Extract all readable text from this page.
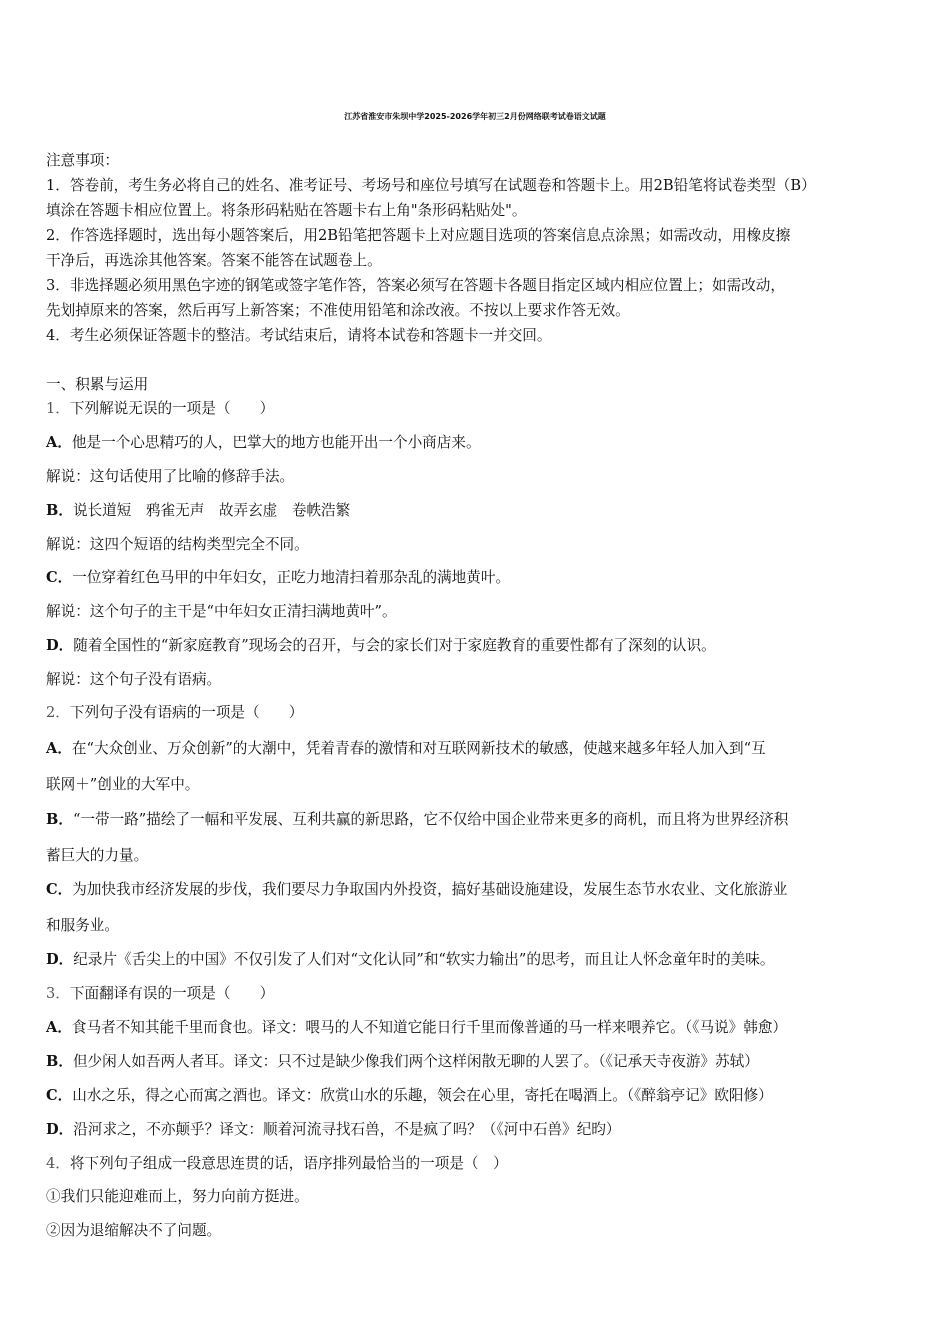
江苏省淮安市朱坝中学2025-2026学年初三2月份网络联考试卷语文试题
注意事项：
1．答卷前，考生务必将自己的姓名、准考证号、考场号和座位号填写在试题卷和答题卡上。用2B铅笔将试卷类型（B）
填涂在答题卡相应位置上。将条形码粘贴在答题卡右上角"条形码粘贴处"。
2．作答选择题时，选出每小题答案后，用2B铅笔把答题卡上对应题目选项的答案信息点涂黑；如需改动，用橡皮擦
干净后，再选涂其他答案。答案不能答在试题卷上。
3．非选择题必须用黑色字迹的钢笔或签字笔作答，答案必须写在答题卡各题目指定区域内相应位置上；如需改动，
先划掉原来的答案，然后再写上新答案；不准使用铅笔和涂改液。不按以上要求作答无效。
4．考生必须保证答题卡的整洁。考试结束后，请将本试卷和答题卡一并交回。
一、积累与运用
1．下列解说无误的一项是（　　）
A．他是一个心思精巧的人，巴掌大的地方也能开出一个小商店来。
解说：这句话使用了比喻的修辞手法。
B．说长道短　鸦雀无声　故弄玄虚　卷帙浩繁
解说：这四个短语的结构类型完全不同。
C．一位穿着红色马甲的中年妇女，正吃力地清扫着那杂乱的满地黄叶。
解说：这个句子的主干是“中年妇女正清扫满地黄叶”。
D．随着全国性的“新家庭教育”现场会的召开，与会的家长们对于家庭教育的重要性都有了深刻的认识。
解说：这个句子没有语病。
2．下列句子没有语病的一项是（　　）
A．在“大众创业、万众创新”的大潮中，凭着青春的激情和对互联网新技术的敏感，使越来越多年轻人加入到“互
联网＋”创业的大军中。
B．“一带一路”描绘了一幅和平发展、互利共赢的新思路，它不仅给中国企业带来更多的商机，而且将为世界经济积
蓄巨大的力量。
C．为加快我市经济发展的步伐，我们要尽力争取国内外投资，搞好基础设施建设，发展生态节水农业、文化旅游业
和服务业。
D．纪录片《舌尖上的中国》不仅引发了人们对“文化认同”和“软实力输出”的思考，而且让人怀念童年时的美味。
3．下面翻译有误的一项是（　　）
A．食马者不知其能千里而食也。译文：喂马的人不知道它能日行千里而像普通的马一样来喂养它。（《马说》韩愈）
B．但少闲人如吾两人者耳。译文：只不过是缺少像我们两个这样闲散无聊的人罢了。（《记承天寺夜游》苏轼）
C．山水之乐，得之心而寓之酒也。译文：欣赏山水的乐趣，领会在心里，寄托在喝酒上。（《醉翁亭记》欧阳修）
D．沿河求之，不亦颠乎？译文：顺着河流寻找石兽，不是疯了吗？（《河中石兽》纪昀）
4．将下列句子组成一段意思连贯的话，语序排列最恰当的一项是（　）
①我们只能迎难而上，努力向前方挺进。
②因为退缩解决不了问题。
